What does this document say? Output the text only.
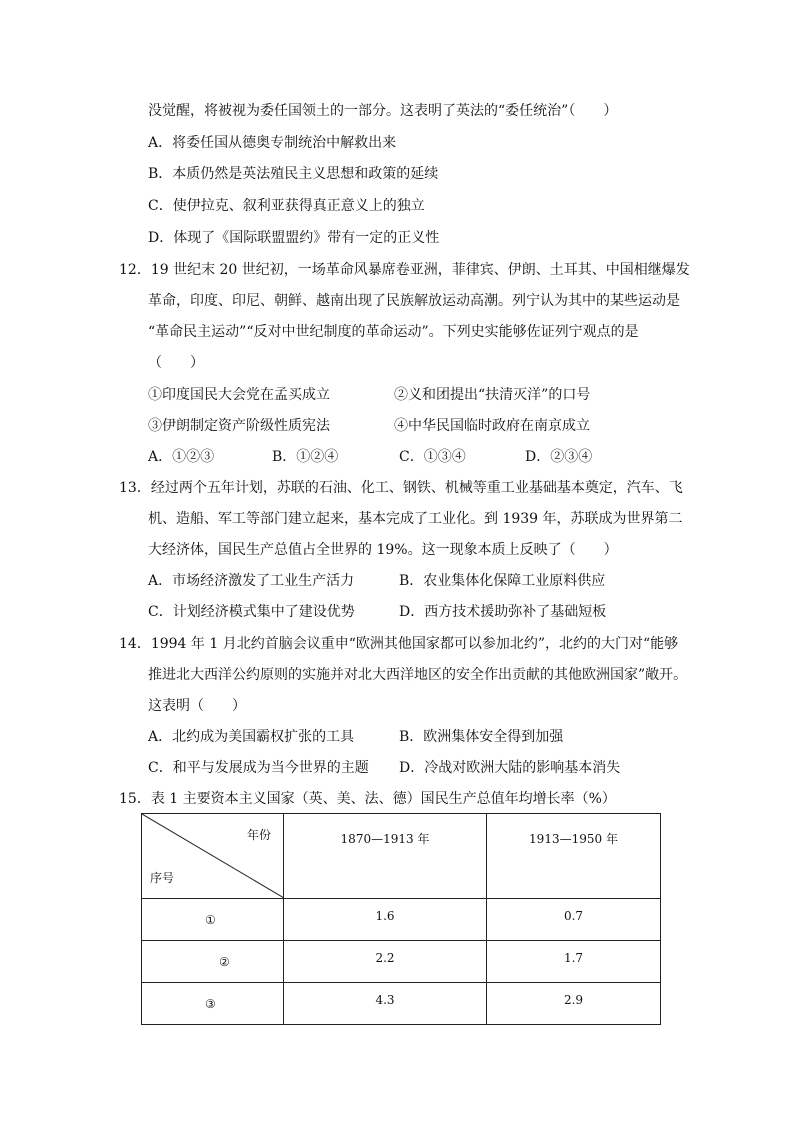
没觉醒，将被视为委任国领土的一部分。这表明了英法的“委任统治”（　　）
A．将委任国从德奥专制统治中解救出来
B．本质仍然是英法殖民主义思想和政策的延续
C．使伊拉克、叙利亚获得真正意义上的独立
D．体现了《国际联盟盟约》带有一定的正义性
12．19 世纪末 20 世纪初，一场革命风暴席卷亚洲，菲律宾、伊朗、土耳其、中国相继爆发
革命，印度、印尼、朝鲜、越南出现了民族解放运动高潮。列宁认为其中的某些运动是
“革命民主运动”“反对中世纪制度的革命运动”。下列史实能够佐证列宁观点的是
（　　）
①印度国民大会党在孟买成立	②义和团提出“扶清灭洋”的口号
③伊朗制定资产阶级性质宪法	④中华民国临时政府在南京成立
A．①②③	B．①②④	C．①③④	D．②③④
13．经过两个五年计划，苏联的石油、化工、钢铁、机械等重工业基础基本奠定，汽车、飞
机、造船、军工等部门建立起来，基本完成了工业化。到 1939 年，苏联成为世界第二
大经济体，国民生产总值占全世界的 19%。这一现象本质上反映了（　　）
A．市场经济激发了工业生产活力	B．农业集体化保障工业原料供应
C．计划经济模式集中了建设优势	D．西方技术援助弥补了基础短板
14．1994 年 1 月北约首脑会议重申“欧洲其他国家都可以参加北约”，北约的大门对“能够
推进北大西洋公约原则的实施并对北大西洋地区的安全作出贡献的其他欧洲国家”敞开。
这表明（　　）
A．北约成为美国霸权扩张的工具	B．欧洲集体安全得到加强
C．和平与发展成为当今世界的主题 D．冷战对欧洲大陆的影响基本消失
15．表 1 主要资本主义国家（英、美、法、德）国民生产总值年均增长率（%）
年份
序号	1870—1913 年	1913—1950 年
①	1.6	0.7
②	2.2	1.7
③	4.3	2.9
